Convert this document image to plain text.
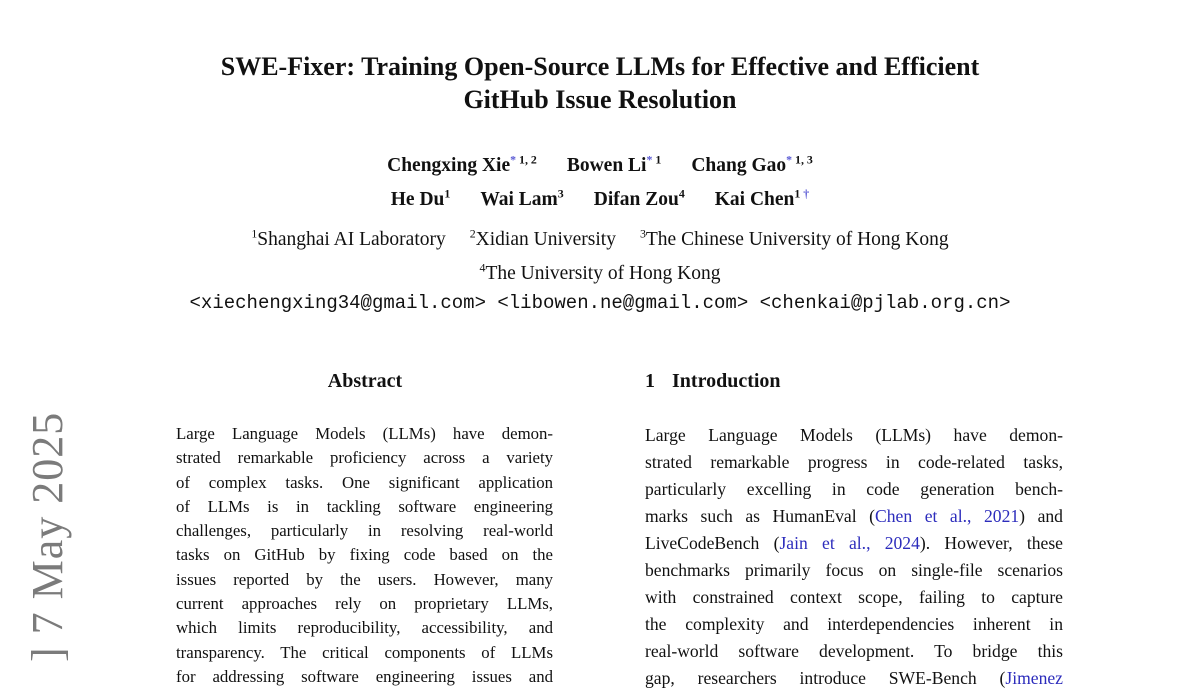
] 7 May 2025
SWE-Fixer: Training Open-Source LLMs for Effective and Efficient
GitHub Issue Resolution
Chengxing Xie$^{* 1, 2}$ Bowen Li$^{* 1}$ Chang Gao$^{* 1, 3}$
He Du$^1$ Wai Lam$^3$ Difan Zou$^4$ Kai Chen$^{1 \dagger}$
$^1$Shanghai AI Laboratory $^2$Xidian University $^3$The Chinese University of Hong Kong
$^4$The University of Hong Kong
<xiechengxing34@gmail.com> <libowen.ne@gmail.com> <chenkai@pjlab.org.cn>
Abstract
Large Language Models (LLMs) have demon-
strated remarkable proficiency across a variety
of complex tasks. One significant application
of LLMs is in tackling software engineering
challenges, particularly in resolving real-world
tasks on GitHub by fixing code based on the
issues reported by the users. However, many
current approaches rely on proprietary LLMs,
which limits reproducibility, accessibility, and
transparency. The critical components of LLMs
for addressing software engineering issues and
1 Introduction
Large Language Models (LLMs) have demon-
strated remarkable progress in code-related tasks,
particularly excelling in code generation bench-
marks such as HumanEval (Chen et al., 2021) and
LiveCodeBench (Jain et al., 2024). However, these
benchmarks primarily focus on single-file scenarios
with constrained context scope, failing to capture
the complexity and interdependencies inherent in
real-world software development. To bridge this
gap, researchers introduce SWE-Bench (Jimenez
